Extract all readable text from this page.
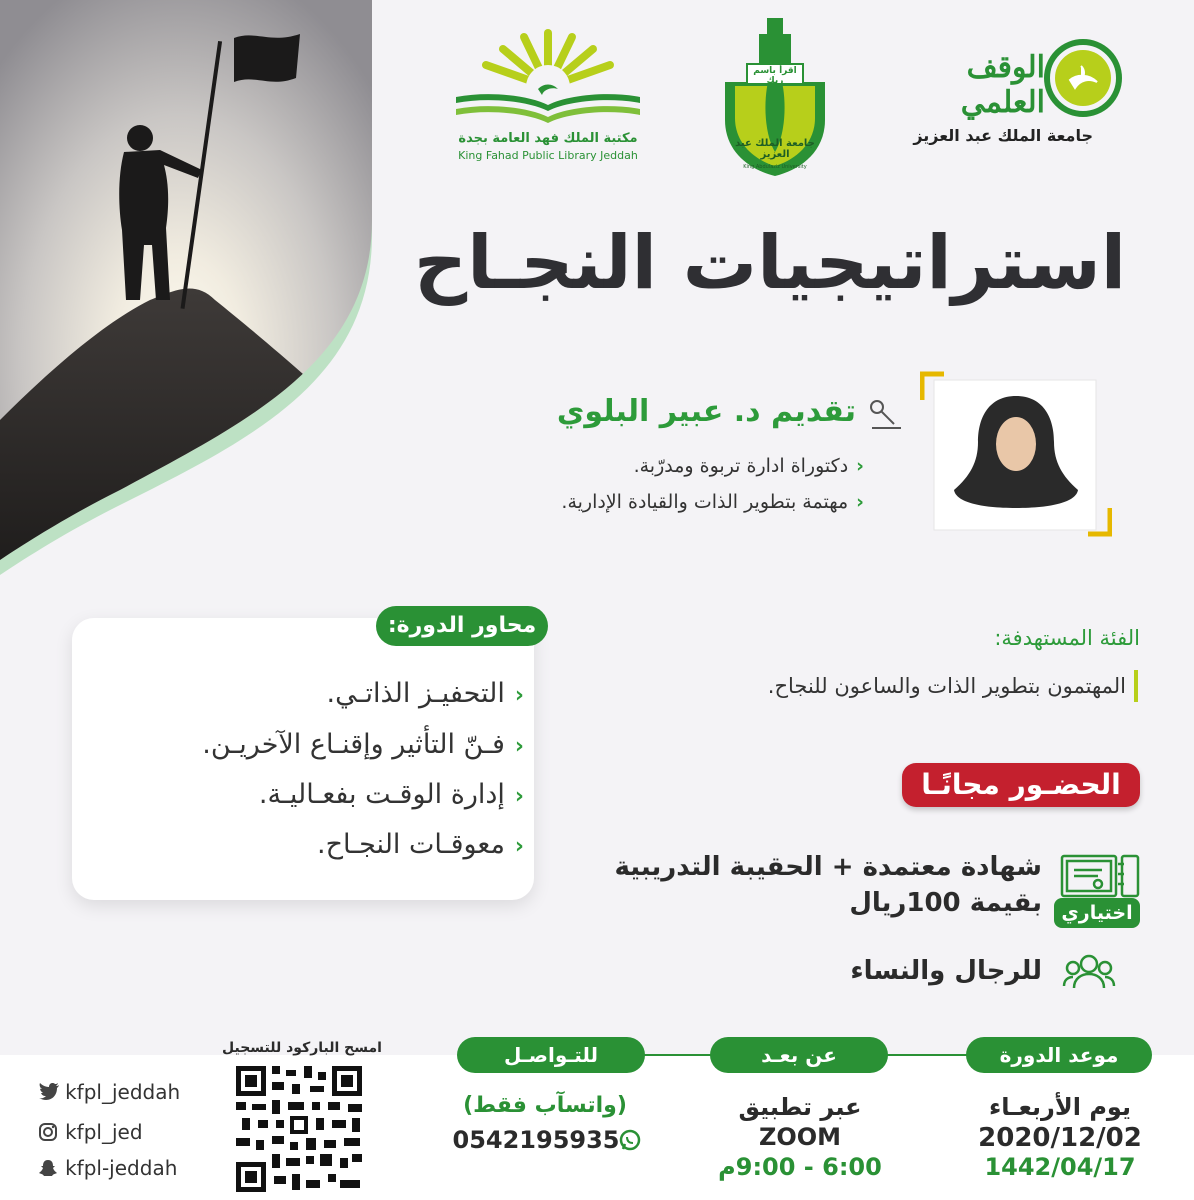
الوقف العلمي
جامعة الملك عبد العزيز
اقرأ باسم ربك
جامعة الملك عبد العزيز
King Abdulaziz University
مكتبة الملك فهد العامة بجدة
King Fahad Public Library Jeddah
استراتيجيات النجـاح
تقديم د. عبير البلوي
‹دكتوراة ادارة تربوة ومدرّبة.
‹مهتمة بتطوير الذات والقيادة الإدارية.
محاور الدورة:
‹التحفيـز الذاتـي.
‹فـنّ التأثير وإقنـاع الآخريـن.
‹إدارة الوقـت بفعـاليـة.
‹معوقـات النجـاح.
الفئة المستهدفة:
المهتمون بتطوير الذات والساعون للنجاح.
الحضـور مجانًـا
شهادة معتمدة + الحقيبة التدريبية
بقيمة 100ريال	اختياري
للرجال والنساء
موعد الدورة
يوم الأربعـاء
2020/12/02
1442/04/17
عن بعـد
عبر تطبيق
ZOOM
6:00 - 9:00م
للتـواصـل
(واتسآب فقط)
0542195935
امسح الباركود للتسجيل
kfpl_jeddah
kfpl_jed
kfpl-jeddah
